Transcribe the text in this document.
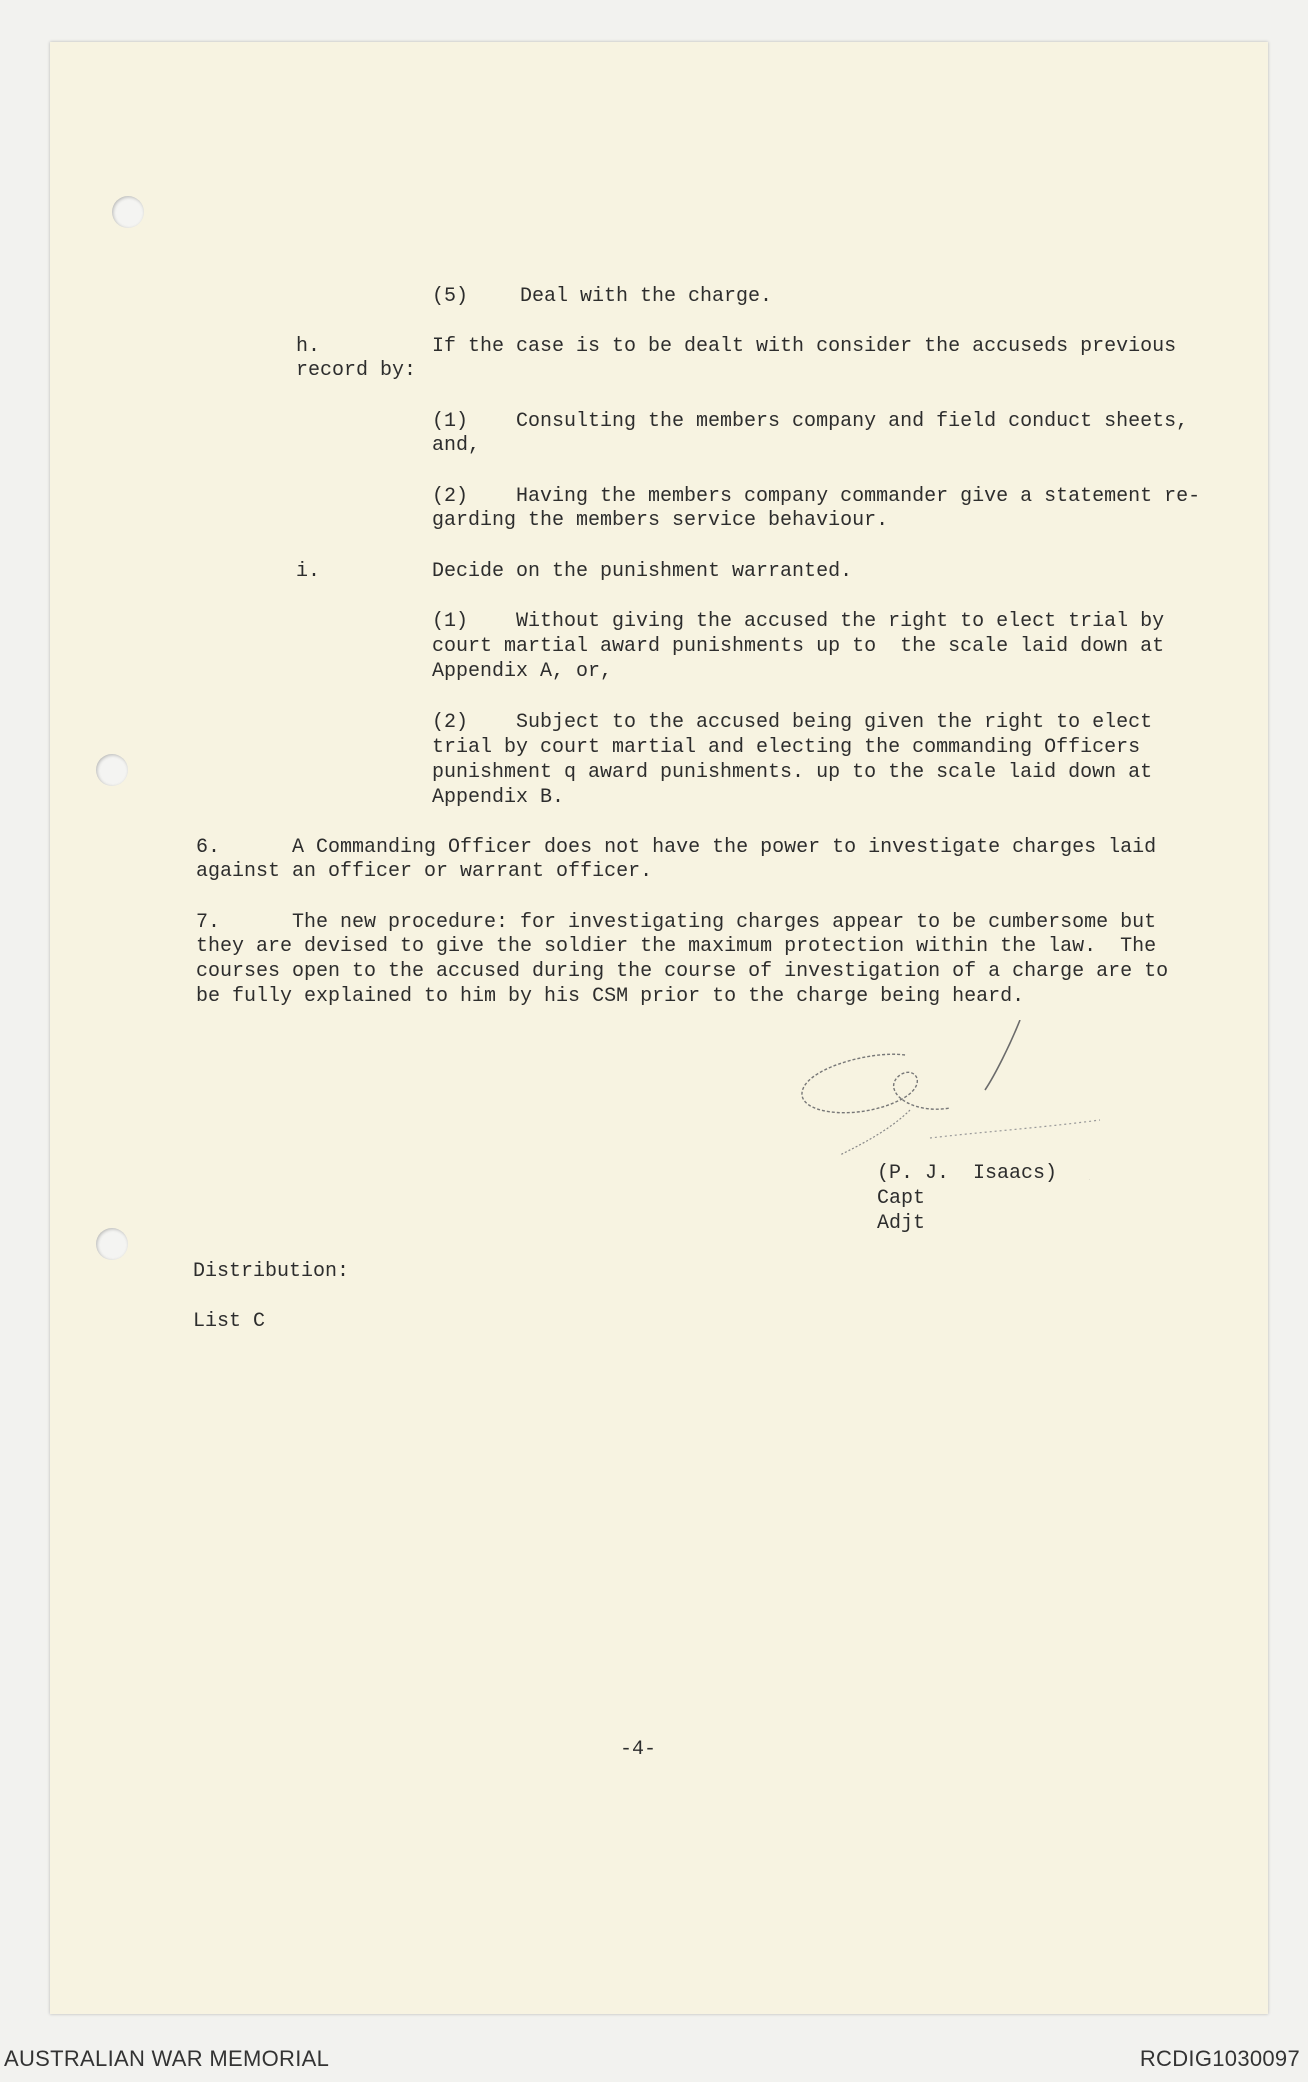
(5)	Deal with the charge.

h.	If the case is to be dealt with consider the accuseds previous

record by:

(1)    Consulting the members company and field conduct sheets,

and,

(2)    Having the members company commander give a statement re-

garding the members service behaviour.

i.	Decide on the punishment warranted.

(1)    Without giving the accused the right to elect trial by

court martial award punishments up to  the scale laid down at

Appendix A, or,

(2)    Subject to the accused being given the right to elect

trial by court martial and electing the commanding Officers

punishment q award punishments. up to the scale laid down at

Appendix B.

6.      A Commanding Officer does not have the power to investigate charges laid

against an officer or warrant officer.

7.      The new procedure: for investigating charges appear to be cumbersome but

they are devised to give the soldier the maximum protection within the law.  The

courses open to the accused during the course of investigation of a charge are to

be fully explained to him by his CSM prior to the charge being heard.

(P. J.  Isaacs)

Capt

Adjt

Distribution:

List C

-4-

AUSTRALIAN WAR MEMORIAL	RCDIG1030097
